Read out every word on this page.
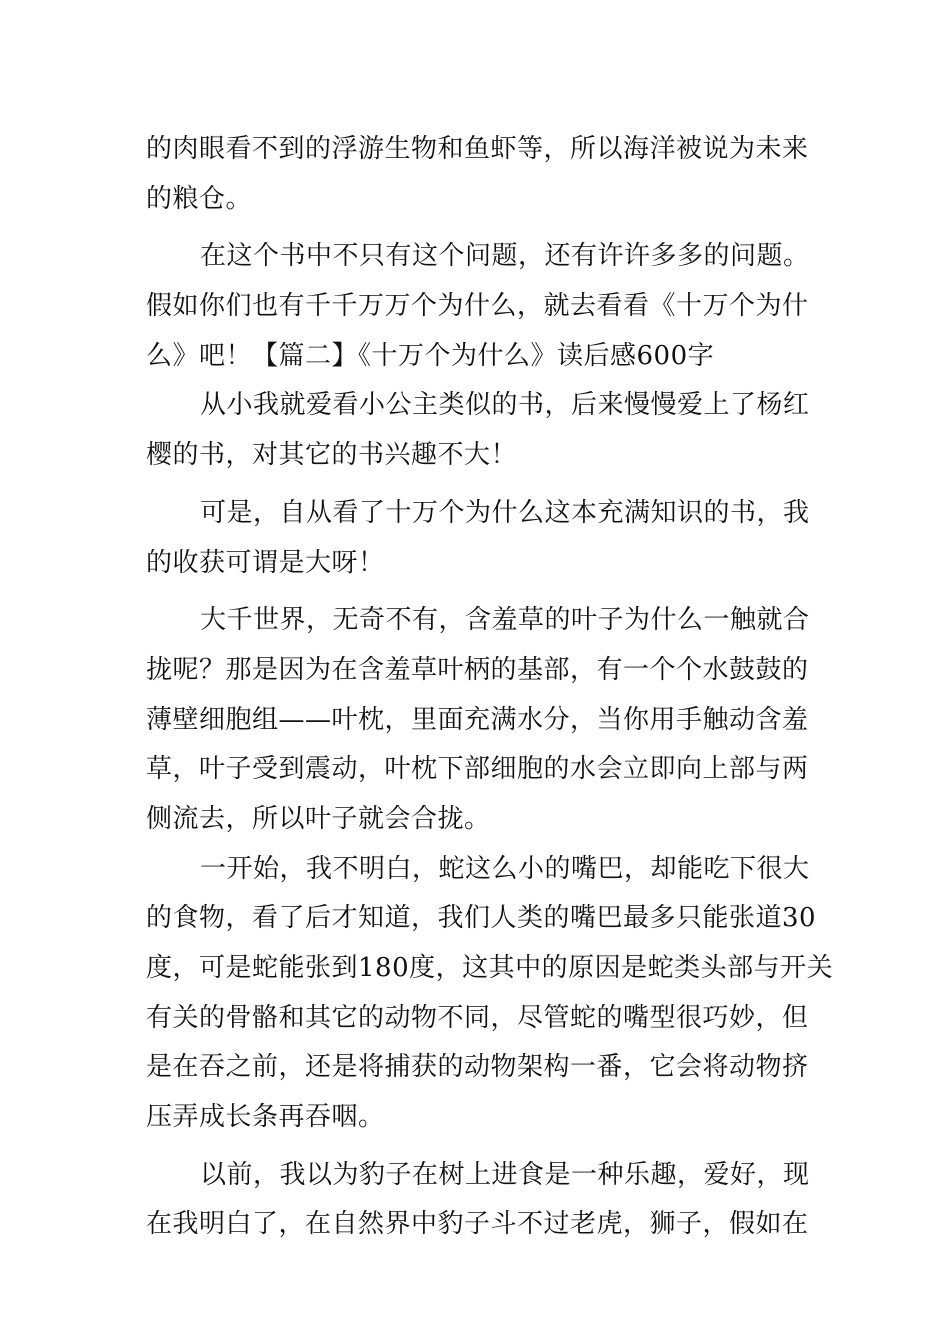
的肉眼看不到的浮游生物和鱼虾等，所以海洋被说为未来
的粮仓。
在这个书中不只有这个问题，还有许许多多的问题。
假如你们也有千千万万个为什么，就去看看《十万个为什
么》吧！【篇二】《十万个为什么》读后感600字
从小我就爱看小公主类似的书，后来慢慢爱上了杨红
樱的书，对其它的书兴趣不大！
可是，自从看了十万个为什么这本充满知识的书，我
的收获可谓是大呀！
大千世界，无奇不有，含羞草的叶子为什么一触就合
拢呢？那是因为在含羞草叶柄的基部，有一个个水鼓鼓的
薄壁细胞组——叶枕，里面充满水分，当你用手触动含羞
草，叶子受到震动，叶枕下部细胞的水会立即向上部与两
侧流去，所以叶子就会合拢。
一开始，我不明白，蛇这么小的嘴巴，却能吃下很大
的食物，看了后才知道，我们人类的嘴巴最多只能张道30
度，可是蛇能张到180度，这其中的原因是蛇类头部与开关
有关的骨骼和其它的动物不同，尽管蛇的嘴型很巧妙，但
是在吞之前，还是将捕获的动物架构一番，它会将动物挤
压弄成长条再吞咽。
以前，我以为豹子在树上进食是一种乐趣，爱好，现
在我明白了，在自然界中豹子斗不过老虎，狮子，假如在
